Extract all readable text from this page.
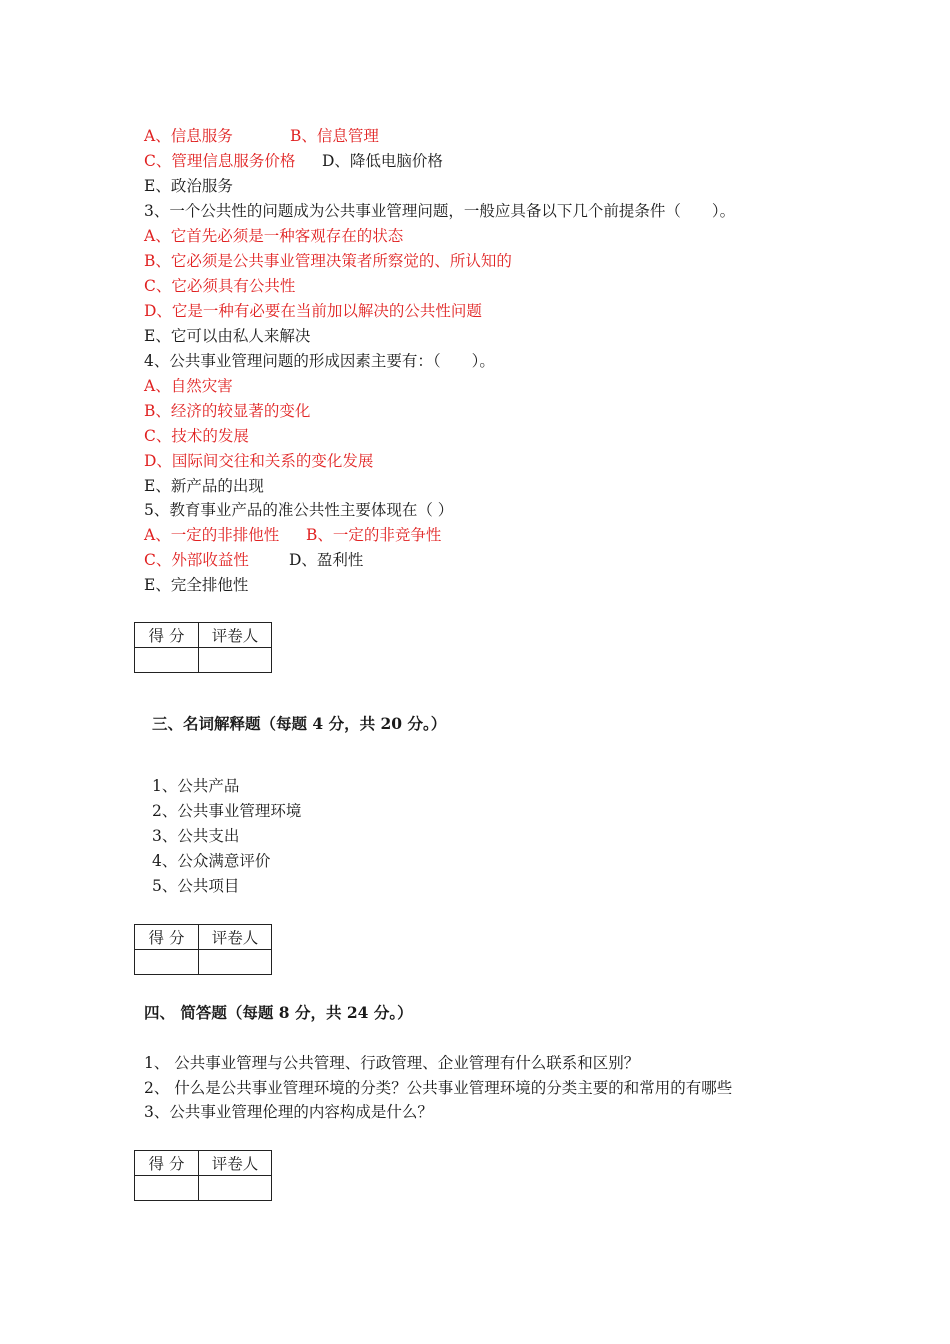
A、信息服务	B、信息管理
C、管理信息服务价格 D、降低电脑价格
E、政治服务
3、一个公共性的问题成为公共事业管理问题，一般应具备以下几个前提条件（　　）。
A、它首先必须是一种客观存在的状态
B、它必须是公共事业管理决策者所察觉的、所认知的
C、它必须具有公共性
D、它是一种有必要在当前加以解决的公共性问题
E、它可以由私人来解决
4、公共事业管理问题的形成因素主要有：（　　）。
A、自然灾害
B、经济的较显著的变化
C、技术的发展
D、国际间交往和关系的变化发展
E、新产品的出现
5、教育事业产品的准公共性主要体现在（ ）
A、一定的非排他性 B、一定的非竞争性
C、外部收益性	D、盈利性
E、完全排他性
得 分	评卷人

三、名词解释题（每题 4 分，共 20 分。）
1、公共产品
2、公共事业管理环境
3、公共支出
4、公众满意评价
5、公共项目
得 分	评卷人

四、 简答题（每题 8 分，共 24 分。）
1、 公共事业管理与公共管理、行政管理、企业管理有什么联系和区别？
2、 什么是公共事业管理环境的分类？公共事业管理环境的分类主要的和常用的有哪些
3、公共事业管理伦理的内容构成是什么？
得 分	评卷人
